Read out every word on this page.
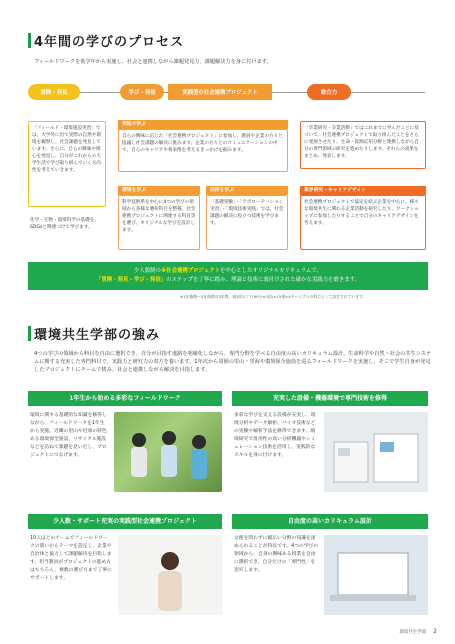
4年間の学びのプロセス
フィールドワークを低学年から実施し、社会と連携しながら課題発見力、課題解決力を身に付けます。
冒険・発見	学び・発信	実践型の社会連携プロジェクト	総合力
「フィールド・環境施設実習」では、大学外に出て実際の自然や環境を観察し、社会課題を発見しています。さらに、自らの興味や関心を発見し、自分がこれからの大学生活で学び取り組んでいく方向性を考えていきます。
化学・生物・環境科学の基礎を、SDGsと関連づけて学びます。
実践で学ぶ
自らの興味に応じた「社会連携プロジェクト」に参加し、教員や企業の方々と協議し社会課題の解決に挑みます。企業の方々とのコミュニケーションの中で、自らのキャリアや将来像を考えるきっかけを掴みます。
環境を学ぶ
科学技術系を中心に4つの学びの領域から多様な選択科目を整備。社会連携プロジェクトに関連する科目等を選び、オリジナルな学びを設計します。
技術を学ぶ
「基礎実験」・「ラボローテーション実習」・「環境技術実践」では、社会課題の解決に役立つ技術を学びます。
「卒業研究・卒業活動」ではこれまでに学んだことに基づいて、社会連携プロジェクトで取り組んだことをさらに発展させたり、生命・資源応用分野と連携しながら自分の専門領域の研究を進めたりします。それらの成果をまとめ、発表します。
業界研究・キャリアデザイン
社会連携プロジェクトで協定を結ぶ企業を中心に、様々な環境共生に関わる企業活動を研究したり、ワークショップに参加したりすることで自分のキャリアデザインを考えます。
少人数制の※社会連携プロジェクトを中心としたオリジナルカリキュラムで、
「冒険・発見・学び・発信」のステップを丁寧に踏み、理論と技術に裏付けされた確かな実践力を磨きます。
※1年後期〜3年前期の2年間、週1回3コマ(90分×3回)×15週×4タームずつの科目として設定されています。
環境共生学部の強み
4つの学びの領域から科目を自由に選択でき、自分が目指す進路を明確化しながら、専門分野を学べる自由度の高いカリキュラム設計。生命科学や自然・社会の共生システムに関する充実した専門科目で、実践力と研究力の双方を養います。1年次から周囲の里山・里海や環境保全施設を巡るフィールドワークを実施し、そこで学生自身が発見したプロジェクトにチームで挑み、社会と連携しながら解決を目指します。
1年生から始める多彩なフィールドワーク
環境に関する基礎的な知識を修得しながら、フィールドワークを1年生から実施。近隣の里山や近郊の特色ある環境保全施設、リサイクル施設などを訪ねて課題を見いだし、プロジェクトにつなげます。
充実した設備・機器環境で専門技術を修得
多彩な学びを支える設備が充実し、環境分析やデータ解析、バイオ技術などの実験や解析手法を修得できます。環境研究で汎用性の高い分析機器やシミュレーション技術を活用し、実践的なスキルを身に付けます。
少人数・サポート充実の実践型社会連携プロジェクト
10人ほどのチームでフィールドワークの問いからテーマを設定し、企業や自治体と協力して課題解決を目指します。担当教員がプロジェクトの進め方はもちろん、複数の選び方まで丁寧にサポートします。
自由度の高いカリキュラム設計
文理を問わずに幅広い分野の知識を深められることが特長です。4つの学びの領域から、自身の興味ある授業を自由に選択でき、自分だけの「専門性」を追究します。
環境共生学部 2
